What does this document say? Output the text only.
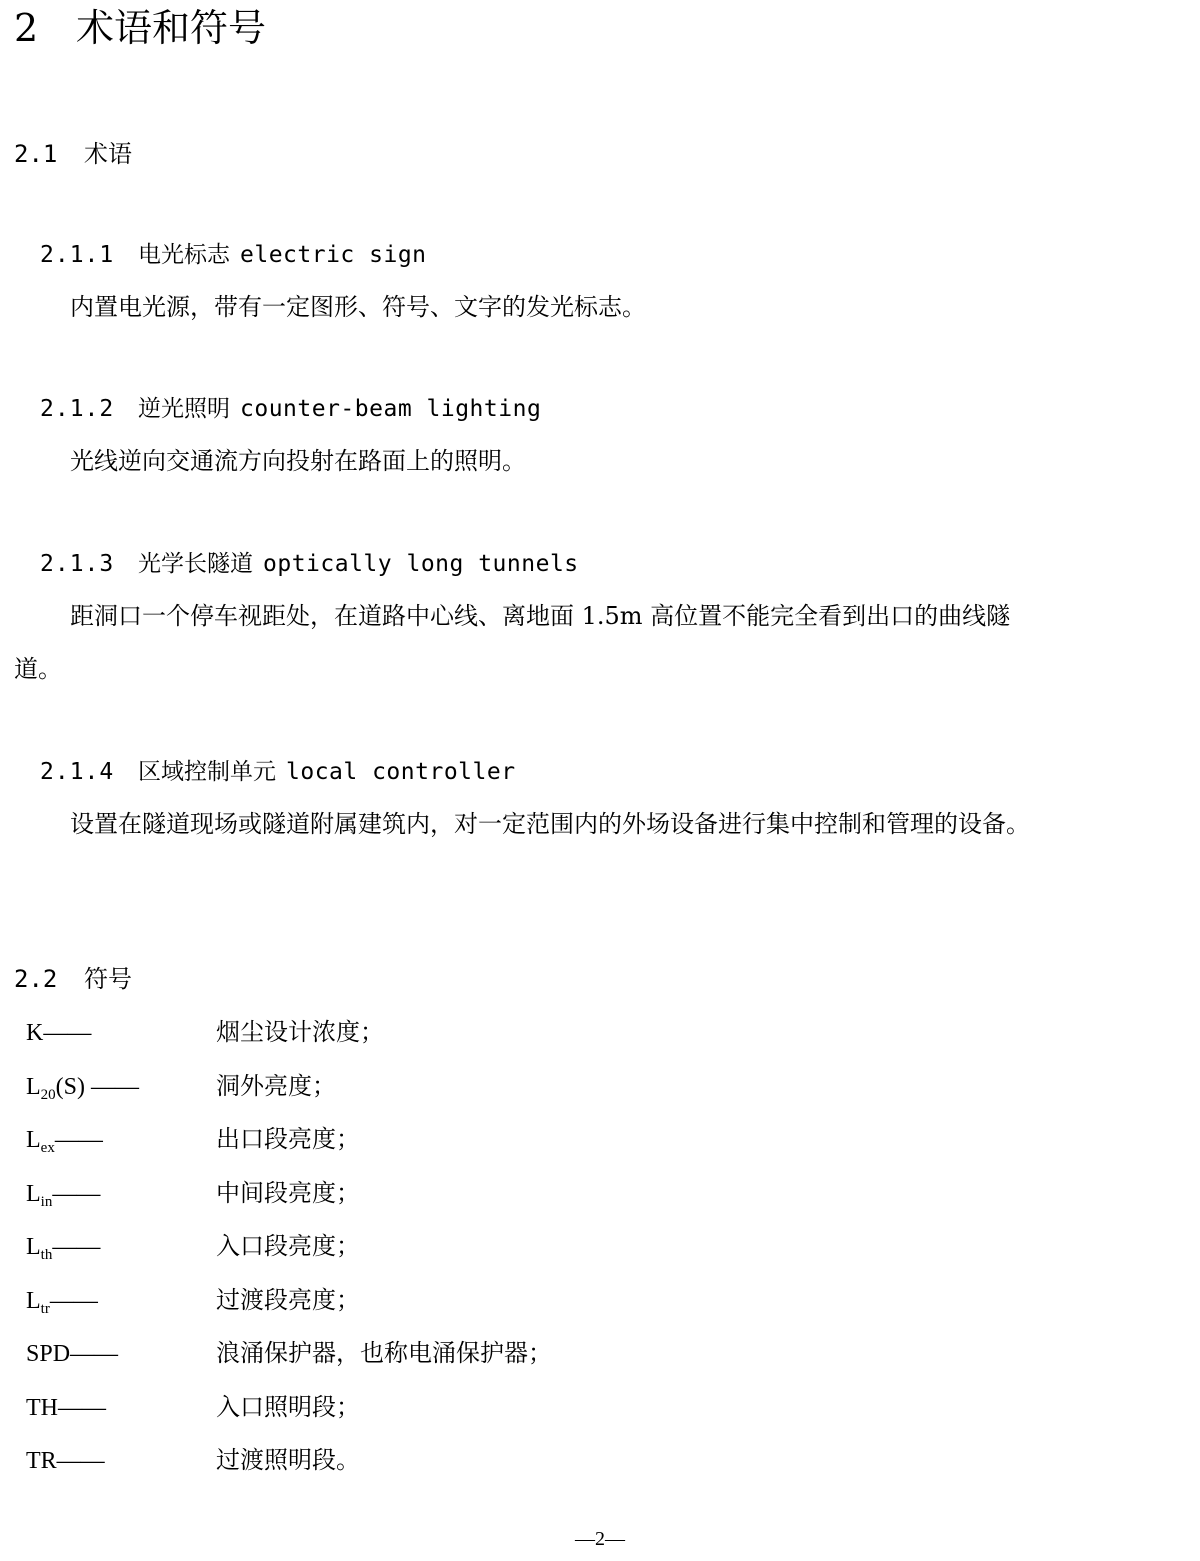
2 术语和符号
2.1 术语
2.1.1 电光标志 electric sign
内置电光源，带有一定图形、符号、文字的发光标志。
2.1.2 逆光照明 counter-beam lighting
光线逆向交通流方向投射在路面上的照明。
2.1.3 光学长隧道 optically long tunnels
距洞口一个停车视距处，在道路中心线、离地面 1.5m 高位置不能完全看到出口的曲线隧道。
2.1.4 区域控制单元 local controller
设置在隧道现场或隧道附属建筑内，对一定范围内的外场设备进行集中控制和管理的设备。
2.2 符号
K——	烟尘设计浓度；
$L_{20}(S)$ ——	洞外亮度；
$L_{ex}——$	出口段亮度；
$L_{in}——$	中间段亮度；
$L_{th}——$	入口段亮度；
$L_{tr}——$	过渡段亮度；
SPD——	浪涌保护器，也称电涌保护器；
TH——	入口照明段；
TR——	过渡照明段。
—2—
